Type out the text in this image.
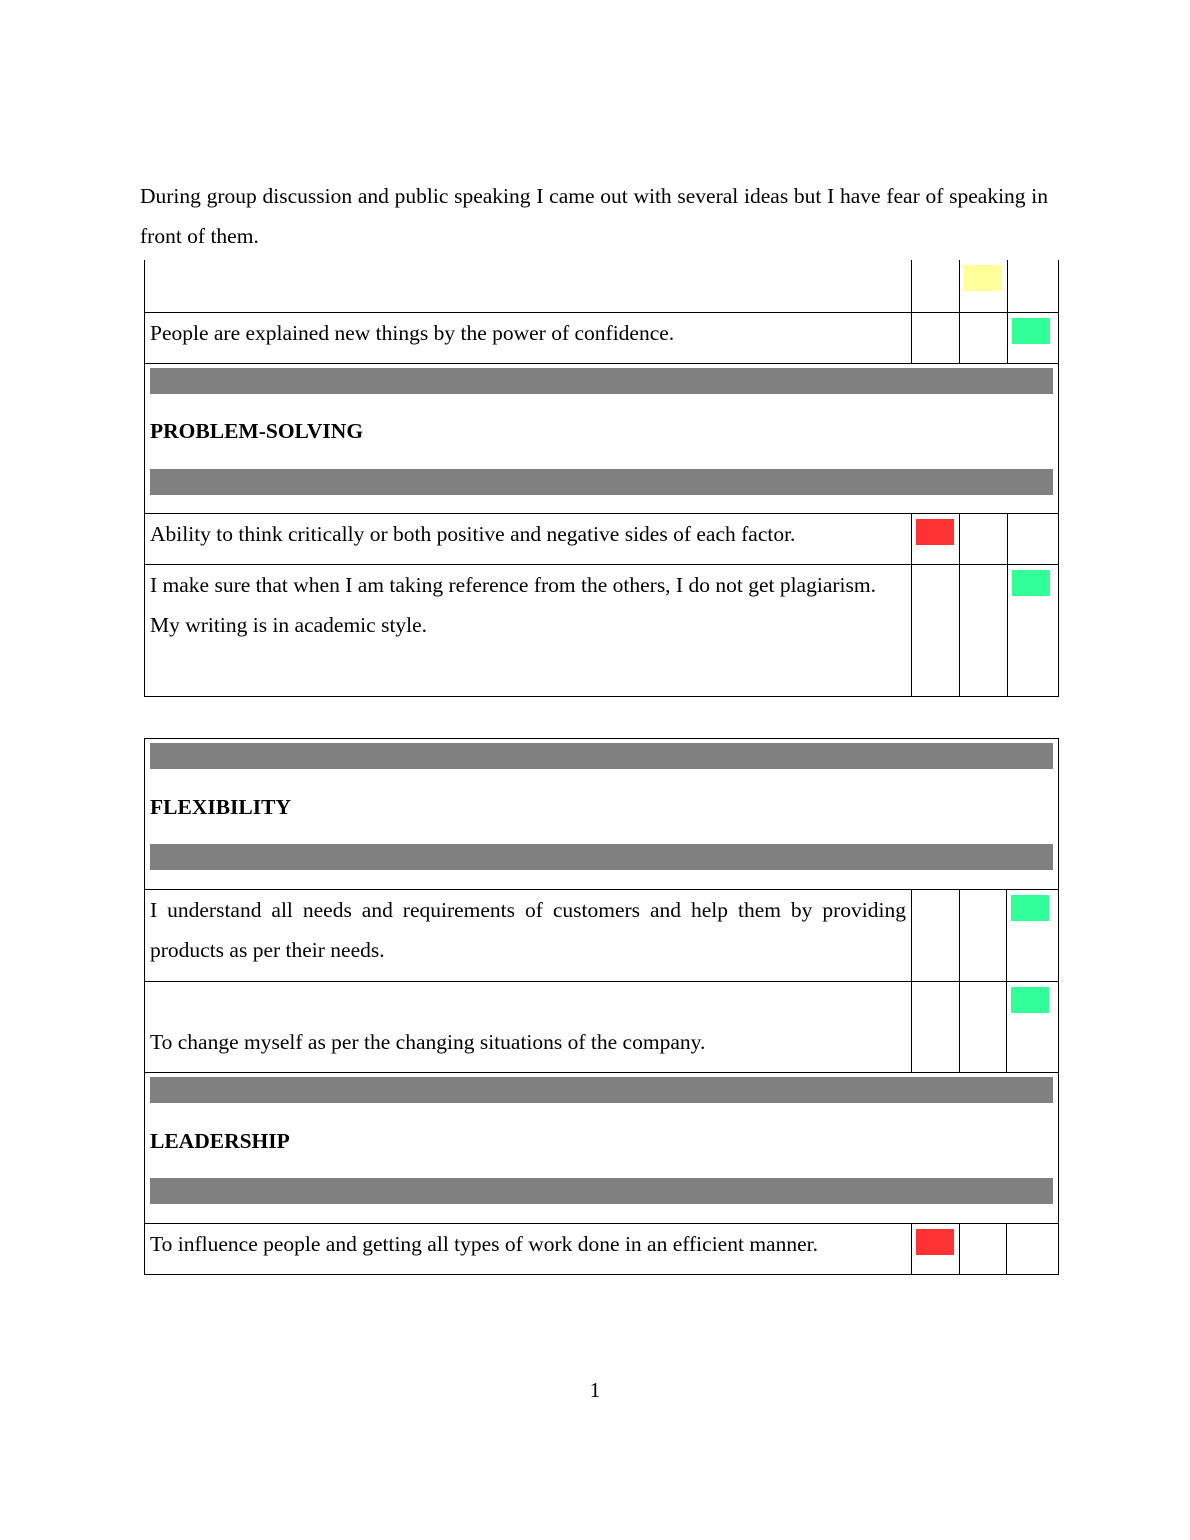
During group discussion and public speaking I came out with several ideas but I have fear of speaking in front of them.

People are explained new things by the power of confidence.			

PROBLEM-SOLVING			

Ability to think critically or both positive and negative sides of each factor.			

I make sure that when I am taking reference from the others, I do not get plagiarism.
My writing is in academic style.			

FLEXIBILITY			

I understand all needs and requirements of customers and help them by providing products as per their needs.			

To change myself as per the changing situations of the company.			

LEADERSHIP			

To influence people and getting all types of work done in an efficient manner.			

1
